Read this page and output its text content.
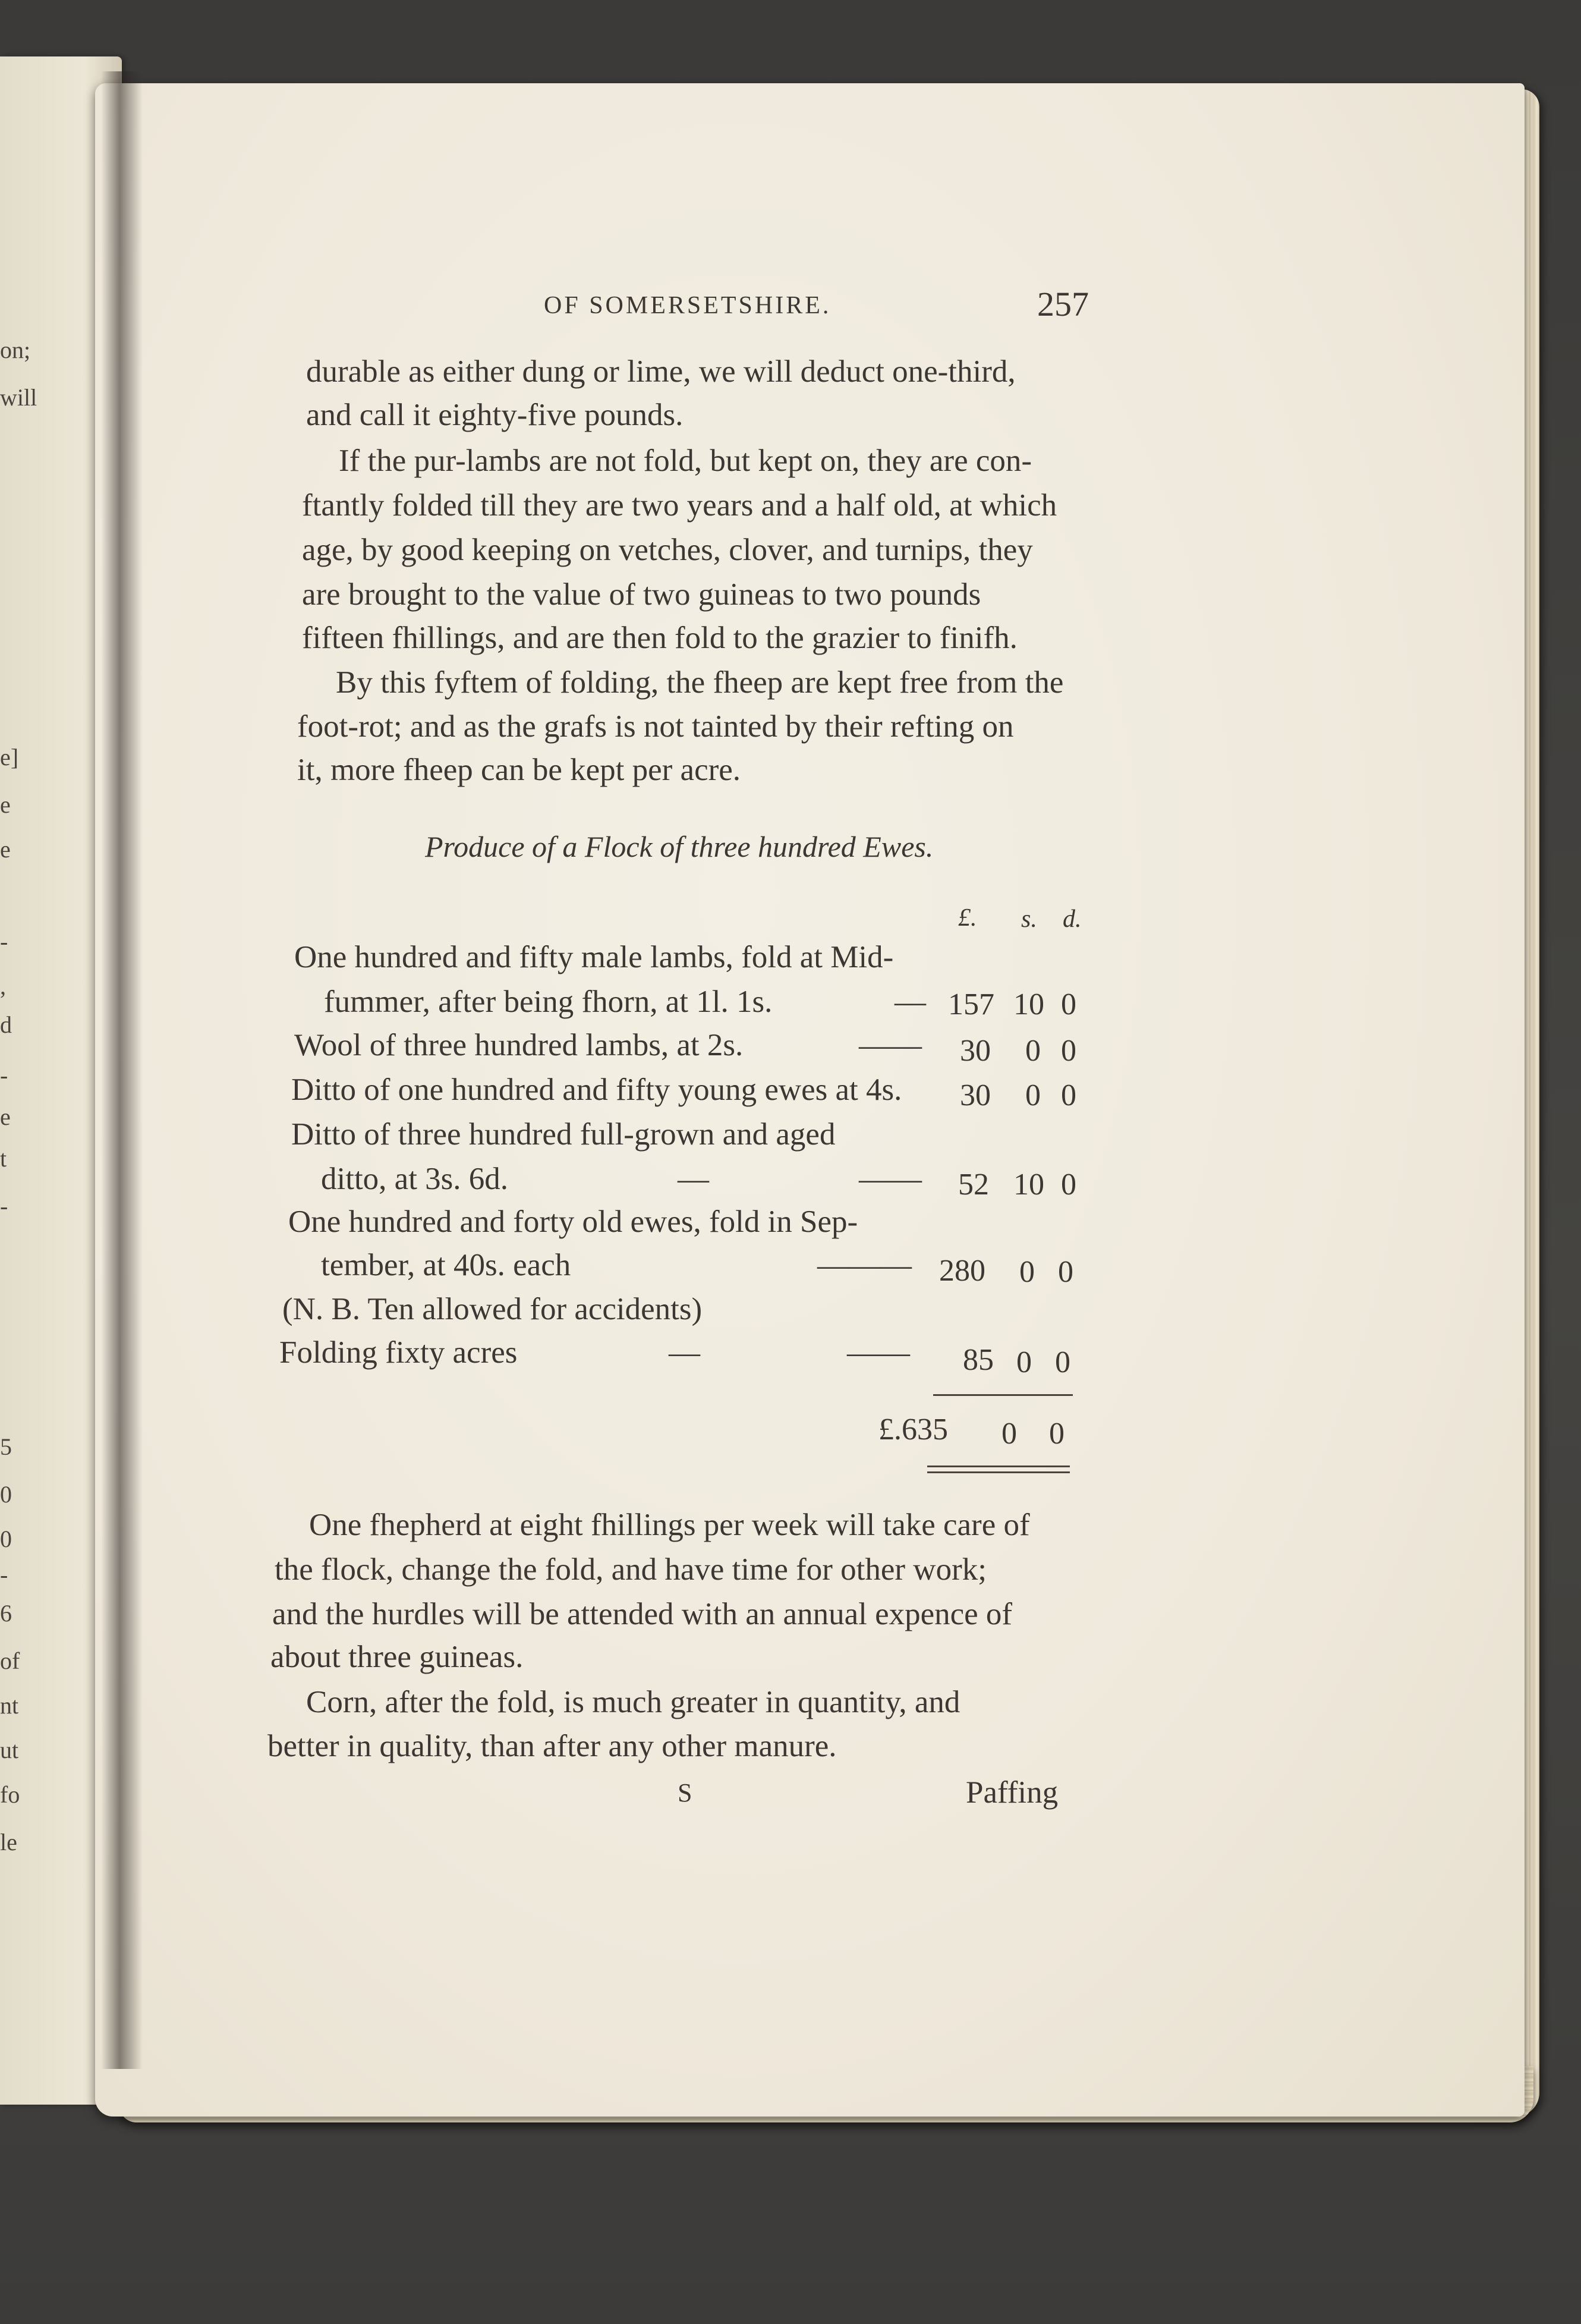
on;
will
e]
e
e
-
,
d
-
e
t
-
5
0
0
-
6
of
nt
ut
fo
le
OF SOMERSETSHIRE.	257
durable as either dung or lime, we will deduct one-third,
and call it eighty-five pounds.
If the pur-lambs are not fold, but kept on, they are con-
ftantly folded till they are two years and a half old, at which
age, by good keeping on vetches, clover, and turnips, they
are brought to the value of two guineas to two pounds
fifteen fhillings, and are then fold to the grazier to finifh.
By this fyftem of folding, the fheep are kept free from the
foot-rot; and as the grafs is not tainted by their refting on
it, more fheep can be kept per acre.
Produce of a Flock of three hundred Ewes.
£. s. d.
One hundred and fifty male lambs, fold at Mid-
fummer, after being fhorn, at 1l. 1s.	— 157 10 0
Wool of three hundred lambs, at 2s.	—— 30 0 0
Ditto of one hundred and fifty young ewes at 4s. 30 0 0
Ditto of three hundred full-grown and aged
ditto, at 3s. 6d.	—	—— 52 10 0
One hundred and forty old ewes, fold in Sep-
tember, at 40s. each	——— 280 0 0
(N. B. Ten allowed for accidents)
Folding fixty acres	—	—— 85 0 0
£.635 0 0
One fhepherd at eight fhillings per week will take care of
the flock, change the fold, and have time for other work;
and the hurdles will be attended with an annual expence of
about three guineas.
Corn, after the fold, is much greater in quantity, and
better in quality, than after any other manure.
S	Paffing
